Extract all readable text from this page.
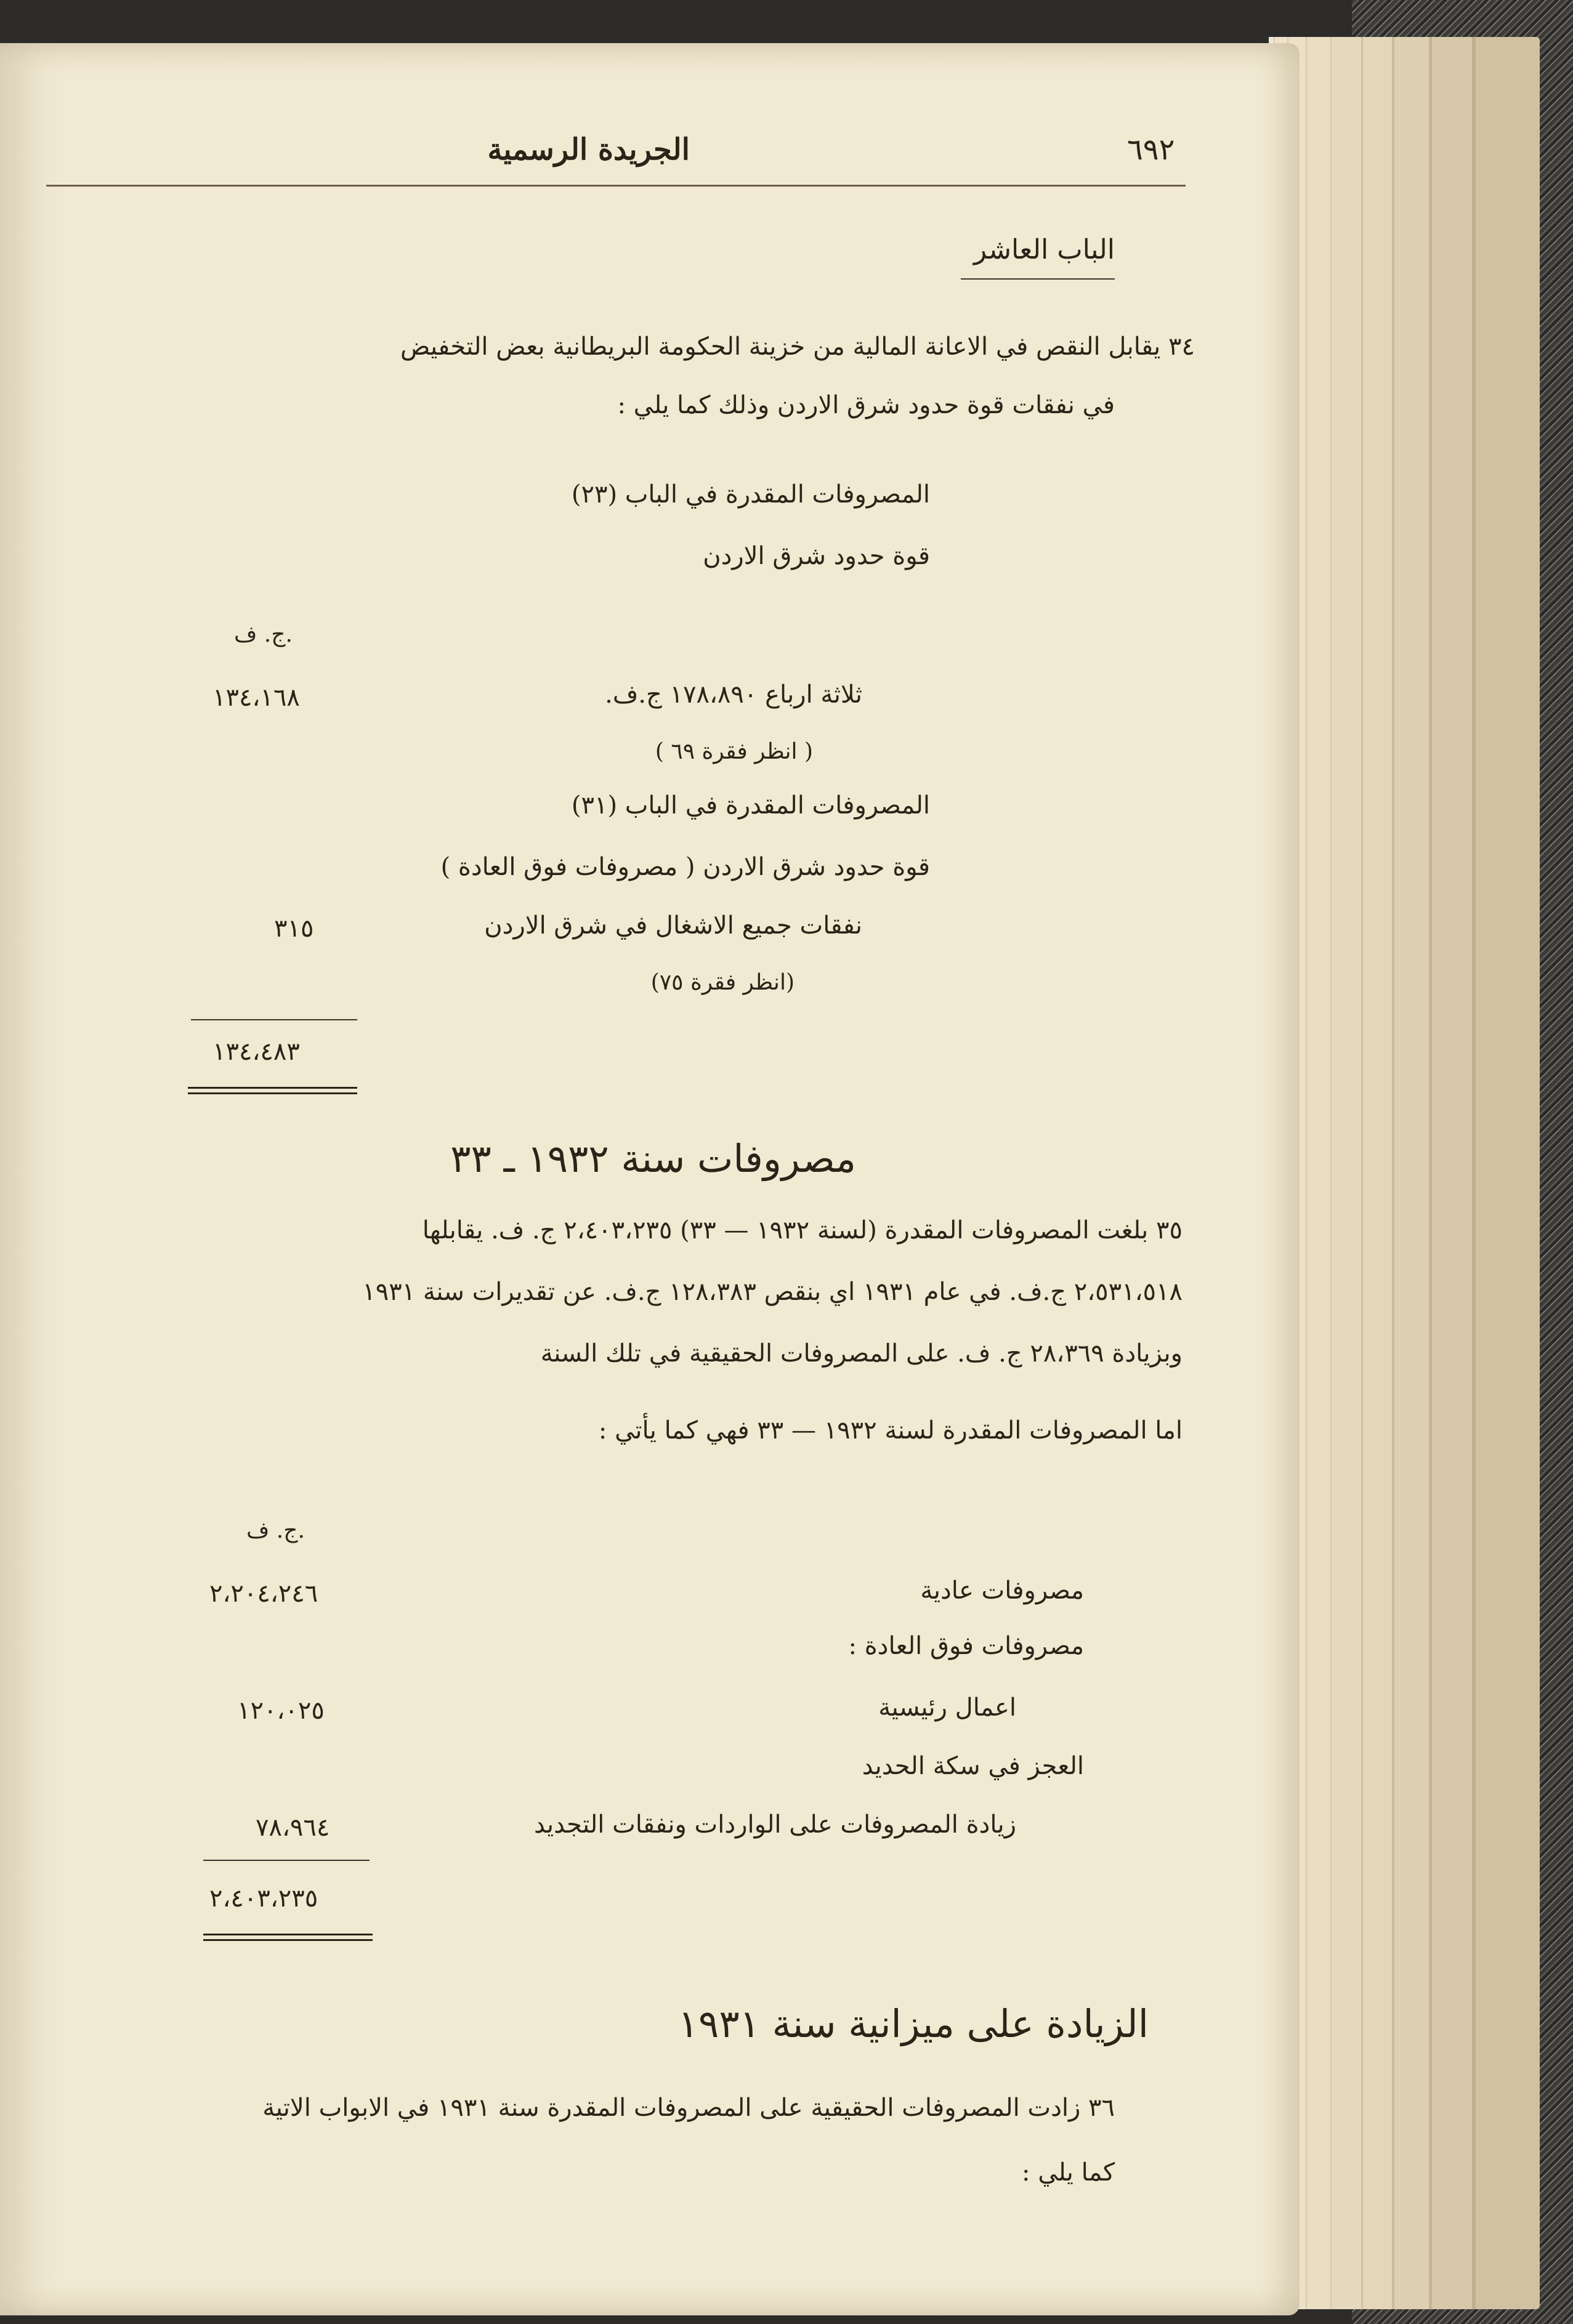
٦٩٢
الجريدة الرسمية
الباب العاشر
٣٤ يقابل النقص في الاعانة المالية من خزينة الحكومة البريطانية بعض التخفيض
في نفقات قوة حدود شرق الاردن وذلك كما يلي :
المصروفات المقدرة في الباب (٢٣)
قوة حدود شرق الاردن
ج. ف.
ثلاثة ارباع ١٧٨،٨٩٠ ج.ف.
١٣٤،١٦٨
( انظر فقرة ٦٩ )
المصروفات المقدرة في الباب (٣١)
قوة حدود شرق الاردن ( مصروفات فوق العادة )
نفقات جميع الاشغال في شرق الاردن
٣١٥
(انظر فقرة ٧٥)
١٣٤،٤٨٣
مصروفات سنة ١٩٣٢ ـ ٣٣
٣٥ بلغت المصروفات المقدرة (لسنة ١٩٣٢ — ٣٣) ٢،٤٠٣،٢٣٥ ج. ف. يقابلها
٢،٥٣١،٥١٨ ج.ف. في عام ١٩٣١ اي بنقص ١٢٨،٣٨٣ ج.ف. عن تقديرات سنة ١٩٣١
وبزيادة ٢٨،٣٦٩ ج. ف. على المصروفات الحقيقية في تلك السنة
اما المصروفات المقدرة لسنة ١٩٣٢ — ٣٣ فهي كما يأتي :
ج. ف.
مصروفات عادية
٢،٢٠٤،٢٤٦
مصروفات فوق العادة :
اعمال رئيسية
١٢٠،٠٢٥
العجز في سكة الحديد
زيادة المصروفات على الواردات ونفقات التجديد
٧٨،٩٦٤
٢،٤٠٣،٢٣٥
الزيادة على ميزانية سنة ١٩٣١
٣٦ زادت المصروفات الحقيقية على المصروفات المقدرة سنة ١٩٣١ في الابواب الاتية
كما يلي :
